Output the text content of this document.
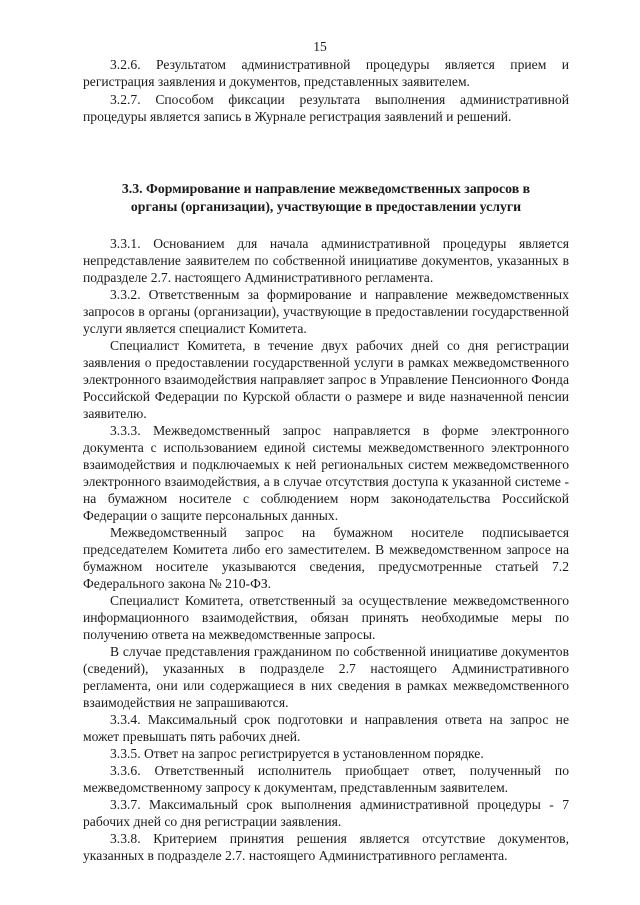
15

3.2.6. Результатом административной процедуры является прием и регистрация заявления и документов, представленных заявителем.

3.2.7. Способом фиксации результата выполнения административной процедуры является запись в Журнале регистрация заявлений и решений.

3.3. Формирование и направление межведомственных запросов в
органы (организации), участвующие в предоставлении услуги

3.3.1. Основанием для начала административной процедуры является непредставление заявителем по собственной инициативе документов, указанных в подразделе 2.7. настоящего Административного регламента.

3.3.2. Ответственным за формирование и направление межведомственных запросов в органы (организации), участвующие в предоставлении государственной услуги является специалист Комитета.

Специалист Комитета, в течение двух рабочих дней со дня регистрации заявления о предоставлении государственной услуги в рамках межведомственного электронного взаимодействия направляет запрос в Управление Пенсионного Фонда Российской Федерации по Курской области о размере и виде назначенной пенсии заявителю.

3.3.3. Межведомственный запрос направляется в форме электронного документа с использованием единой системы межведомственного электронного взаимодействия и подключаемых к ней региональных систем межведомственного электронного взаимодействия, а в случае отсутствия доступа к указанной системе - на бумажном носителе с соблюдением норм законодательства Российской Федерации о защите персональных данных.

Межведомственный запрос на бумажном носителе подписывается председателем Комитета либо его заместителем. В межведомственном запросе на бумажном носителе указываются сведения, предусмотренные статьей 7.2 Федерального закона № 210-ФЗ.

Специалист Комитета, ответственный за осуществление межведомственного информационного взаимодействия, обязан принять необходимые меры по получению ответа на межведомственные запросы.

В случае представления гражданином по собственной инициативе документов (сведений), указанных в подразделе 2.7 настоящего Административного регламента, они или содержащиеся в них сведения в рамках межведомственного взаимодействия не запрашиваются.

3.3.4. Максимальный срок подготовки и направления ответа на запрос не может превышать пять рабочих дней.

3.3.5. Ответ на запрос регистрируется в установленном порядке.

3.3.6. Ответственный исполнитель приобщает ответ, полученный по межведомственному запросу к документам, представленным заявителем.

3.3.7. Максимальный срок выполнения административной процедуры - 7 рабочих дней со дня регистрации заявления.

3.3.8. Критерием принятия решения является отсутствие документов, указанных в подразделе 2.7. настоящего Административного регламента.
